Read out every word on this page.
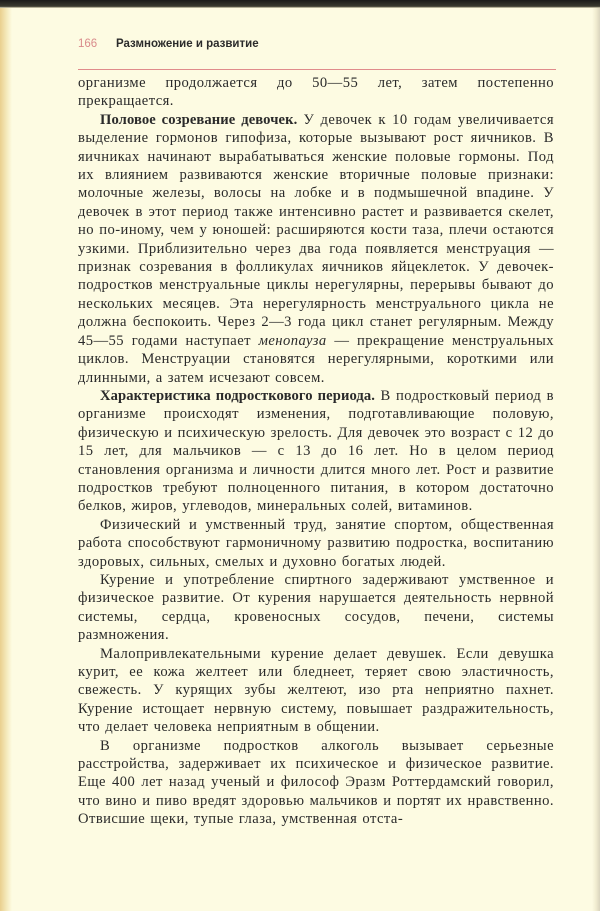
166	Размножение и развитие

организме продолжается до 50—55 лет, затем постепенно прекращается.

Половое созревание девочек. У девочек к 10 годам увеличивается выделение гормонов гипофиза, которые вызывают рост яичников. В яичниках начинают вырабатываться женские половые гормоны. Под их влиянием развиваются женские вторичные половые признаки: молочные железы, волосы на лобке и в подмышечной впадине. У девочек в этот период также интенсивно растет и развивается скелет, но по-иному, чем у юношей: расширяются кости таза, плечи остаются узкими. Приблизительно через два года появляется менструация — признак созревания в фолликулах яичников яйцеклеток. У девочек-подростков менструальные циклы нерегулярны, перерывы бывают до нескольких месяцев. Эта нерегулярность менструального цикла не должна беспокоить. Через 2—3 года цикл станет регулярным. Между 45—55 годами наступает менопауза — прекращение менструальных циклов. Менструации становятся нерегулярными, короткими или длинными, а затем исчезают совсем.

Характеристика подросткового периода. В подростковый период в организме происходят изменения, подготавливающие половую, физическую и психическую зрелость. Для девочек это возраст с 12 до 15 лет, для мальчиков — с 13 до 16 лет. Но в целом период становления организма и личности длится много лет. Рост и развитие подростков требуют полноценного питания, в котором достаточно белков, жиров, углеводов, минеральных солей, витаминов.

Физический и умственный труд, занятие спортом, общественная работа способствуют гармоничному развитию подростка, воспитанию здоровых, сильных, смелых и духовно богатых людей.

Курение и употребление спиртного задерживают умственное и физическое развитие. От курения нарушается деятельность нервной системы, сердца, кровеносных сосудов, печени, системы размножения.

Малопривлекательными курение делает девушек. Если девушка курит, ее кожа желтеет или бледнеет, теряет свою эластичность, свежесть. У курящих зубы желтеют, изо рта неприятно пахнет. Курение истощает нервную систему, повышает раздражительность, что делает человека неприятным в общении.

В организме подростков алкоголь вызывает серьезные расстройства, задерживает их психическое и физическое развитие. Еще 400 лет назад ученый и философ Эразм Роттердамский говорил, что вино и пиво вредят здоровью мальчиков и портят их нравственно. Отвисшие щеки, тупые глаза, умственная отста-
